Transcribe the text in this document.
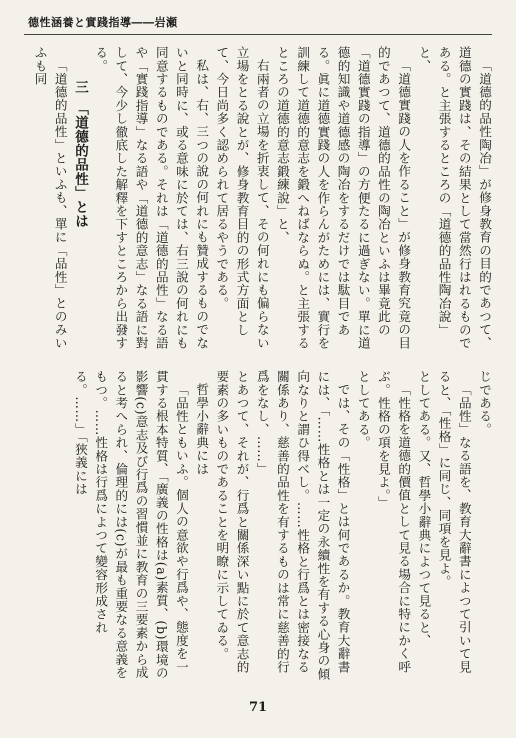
德性涵養と實踐指導――岩瀬

「道德的品性陶冶」が修身教育の目的であつて、道德の實踐は、その結果として當然行はれるものである。と主張するところの「道德的品性陶冶說」と、

「道德實踐の人を作ること」が修身教育究竟の目的であつて、道德的品性の陶冶といふは畢竟此の「道德實踐の指導」の方便たるに過ぎない。單に道德的知識や道德感の陶冶をするだけでは駄目である。眞に道德實踐の人を作らんがためには、實行を訓練して道德的意志を鍛へねばならぬ。と主張するところの道德的意志鍛練說」と、

右兩者の立場を折衷して、その何れにも偏らない立場をとる說とが、修身教育目的の形式方面として、今日尚多く認められて居るやうである。

私は、右、三つの說の何れにも贊成するものでないと同時に、或る意味に於ては、右三說の何れにも同意するものである。それは「道德的品性」なる語や「實踐指導」なる語や「道德的意志」なる語に對して、今少し徹底した解釋を下すところから出發する。

三　「道德的品性」とは

「道德的品性」といふも、單に「品性」とのみいふも同

じである。

「品性」なる語を、教育大辭書によつて引いて見ると、「性格」に同じ、同項を見よ。

としてある。又、哲學小辭典によつて見ると、

「性格を道德的價值として見る場合に特にかく呼ぶ。性格の項を見よ。」

としてある。

では、その「性格」とは何であるか。教育大辭書には、「……性格とは一定の永續性を有する心身の傾向なりと謂ひ得べし。……性格と行爲とは密接なる關係あり、慈善的品性を有するものは常に慈善的行爲をなし、……」

とあつて、それが、行爲と關係深い點に於て意志的要素の多いものであることを明瞭に示してゐる。

哲學小辭典には

「品性ともいふ。個人の意欲や行爲や、態度を一貫する根本特質、「廣義の性格は(a)素質、(b)環境の影響(c)意志及び行爲の習慣並に教育の三要素から成ると考へられ、倫理的には(c)が最も重要なる意義をもつ。……性格は行爲によつて變容形成される。……」「狹義には

71
